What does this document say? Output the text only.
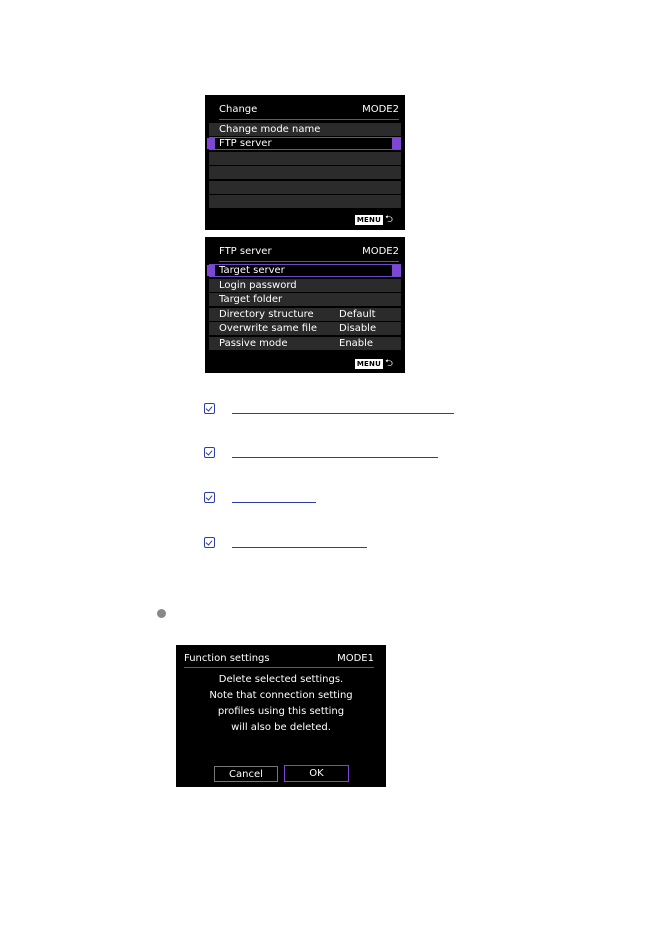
Change	MODE2
Change mode name
FTP server
MENU ⮌
FTP server	MODE2
Target server
Login password
Target folder
Directory structure	Default
Overwrite same file	Disable
Passive mode	Enable
MENU ⮌
Function settings	MODE1
Delete selected settings.
Note that connection setting
profiles using this setting
will also be deleted.
Cancel	OK
